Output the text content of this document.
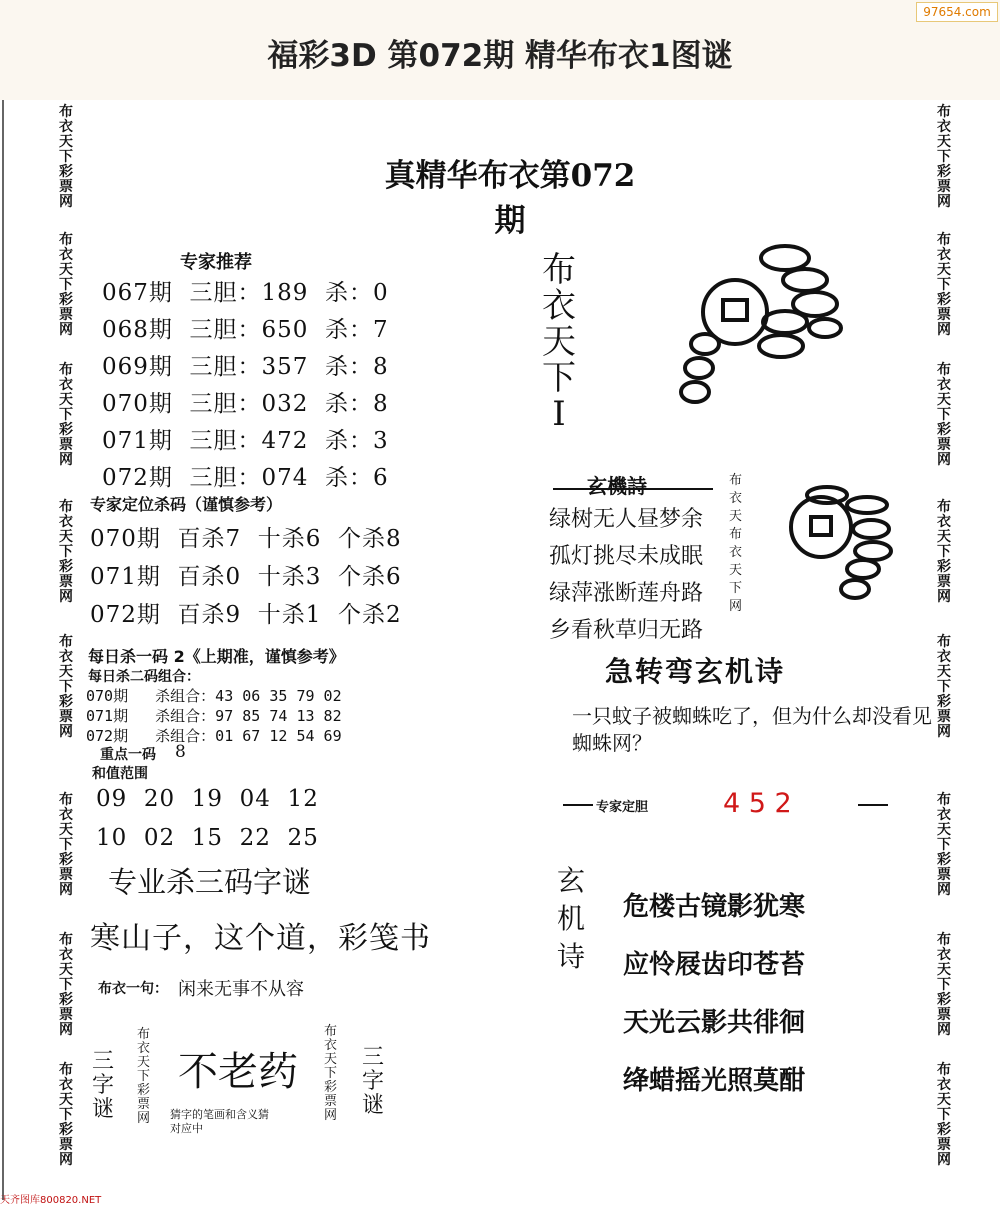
福彩3D 第072期 精华布衣1图谜
97654.com
布
衣
天
下
彩
票
网
布
衣
天
下
彩
票
网
布
衣
天
下
彩
票
网
布
衣
天
下
彩
票
网
布
衣
天
下
彩
票
网
布
衣
天
下
彩
票
网
布
衣
天
下
彩
票
网
布
衣
天
下
彩
票
网
布
衣
天
下
彩
票
网
布
衣
天
下
彩
票
网
布
衣
天
下
彩
票
网
布
衣
天
下
彩
票
网
布
衣
天
下
彩
票
网
布
衣
天
下
彩
票
网
布
衣
天
下
彩
票
网
布
衣
天
下
彩
票
网
真精华布衣第072期
专家推荐
067期  三胆：189  杀：0
068期  三胆：650  杀：7
069期  三胆：357  杀：8
070期  三胆：032  杀：8
071期  三胆：472  杀：3
072期  三胆：074  杀：6
专家定位杀码（谨慎参考）
070期  百杀7  十杀6  个杀8
071期  百杀0  十杀3  个杀6
072期  百杀9  十杀1  个杀2
每日杀一码 2《上期准，谨慎参考》
每日杀二码组合：
070期   杀组合：43 06 35 79 02
071期   杀组合：97 85 74 13 82
072期   杀组合：01 67 12 54 69
重点一码 8
和值范围
09  20  19  04  12
10  02  15  22  25
专业杀三码字谜
寒山子，这个道，彩笺书
布衣一句： 闲来无事不从容
三
字
谜
布
衣
天
下
彩
票
网
不老药
猜字的笔画和含义猜
对应中
布
衣
天
下
彩
票
网
三
字
谜
布
衣
天
下
Ⅰ
玄機詩
绿树无人昼梦余
孤灯挑尽未成眠
绿萍涨断莲舟路
乡看秋草归无路
布
衣
天
布
衣
天
下
网
急转弯玄机诗
一只蚊子被蜘蛛吃了，但为什么却没看见蜘蛛网？
专家定胆	4 5 2
玄
机
诗
危楼古镜影犹寒
应怜屐齿印苍苔
天光云影共徘徊
绛蜡摇光照莫酣
天齐图库800820.NET
